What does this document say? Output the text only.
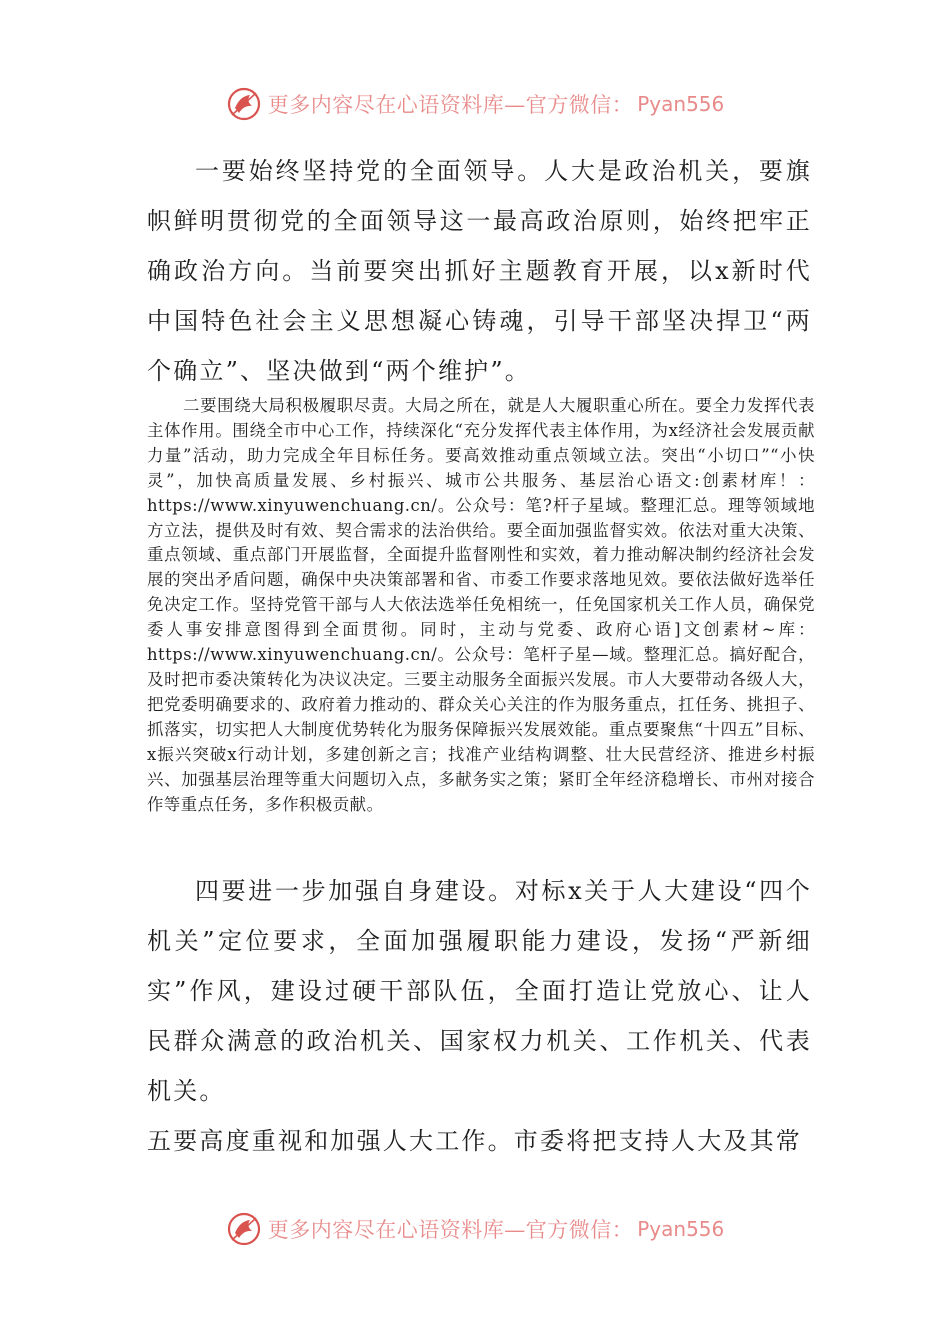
更多内容尽在心语资料库—官方微信： Pyan556

一要始终坚持党的全面领导。人大是政治机关，要旗帜鲜明贯彻党的全面领导这一最高政治原则，始终把牢正确政治方向。当前要突出抓好主题教育开展，以x新时代中国特色社会主义思想凝心铸魂，引导干部坚决捍卫“两个确立”、坚决做到“两个维护”。

二要围绕大局积极履职尽责。大局之所在，就是人大履职重心所在。要全力发挥代表主体作用。围绕全市中心工作，持续深化“充分发挥代表主体作用，为x经济社会发展贡献力量”活动，助力完成全年目标任务。要高效推动重点领域立法。突出“小切口”“小快灵”，加快高质量发展、乡村振兴、城市公共服务、基层治心语文:创素材库！：https://www.xinyuwenchuang.cn/。公众号：笔?杆子星域。整理汇总。理等领域地方立法，提供及时有效、契合需求的法治供给。要全面加强监督实效。依法对重大决策、重点领域、重点部门开展监督，全面提升监督刚性和实效，着力推动解决制约经济社会发展的突出矛盾问题，确保中央决策部署和省、市委工作要求落地见效。要依法做好选举任免决定工作。坚持党管干部与人大依法选举任免相统一，任免国家机关工作人员，确保党委人事安排意图得到全面贯彻。同时，主动与党委、政府心语]文创素材~库：https://www.xinyuwenchuang.cn/。公众号：笔杆子星—域。整理汇总。搞好配合，及时把市委决策转化为决议决定。三要主动服务全面振兴发展。市人大要带动各级人大，把党委明确要求的、政府着力推动的、群众关心关注的作为服务重点，扛任务、挑担子、抓落实，切实把人大制度优势转化为服务保障振兴发展效能。重点要聚焦“十四五”目标、x振兴突破x行动计划，多建创新之言；找准产业结构调整、壮大民营经济、推进乡村振兴、加强基层治理等重大问题切入点，多献务实之策；紧盯全年经济稳增长、市州对接合作等重点任务，多作积极贡献。

四要进一步加强自身建设。对标x关于人大建设“四个机关”定位要求，全面加强履职能力建设，发扬“严新细实”作风，建设过硬干部队伍，全面打造让党放心、让人民群众满意的政治机关、国家权力机关、工作机关、代表机关。

五要高度重视和加强人大工作。市委将把支持人大及其常

更多内容尽在心语资料库—官方微信： Pyan556
